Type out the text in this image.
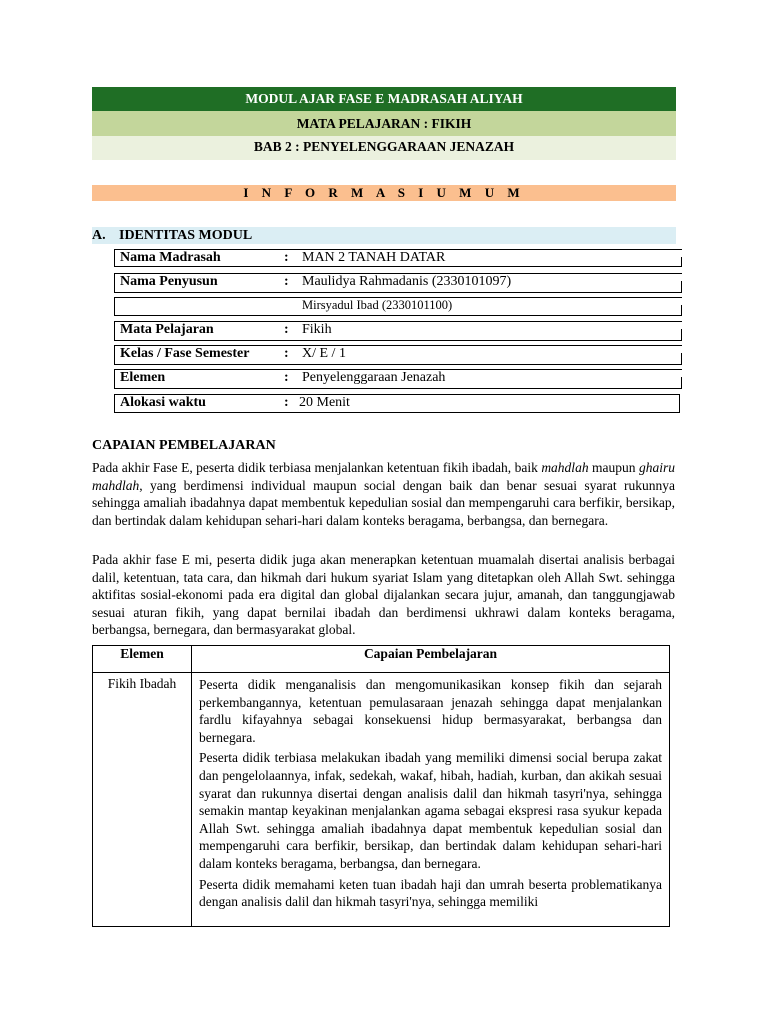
MODUL AJAR FASE E MADRASAH ALIYAH
MATA PELAJARAN : FIKIH
BAB 2 : PENYELENGGARAAN JENAZAH
I N F O R M A S I U M U M
A. IDENTITAS MODUL
Nama Madrasah	: MAN 2 TANAH DATAR
Nama Penyusun	: Maulidya Rahmadanis (2330101097)
Mirsyadul Ibad (2330101100)
Mata Pelajaran	: Fikih
Kelas / Fase Semester : X/ E / 1
Elemen	: Penyelenggaraan Jenazah
Alokasi waktu	: 20 Menit
CAPAIAN PEMBELAJARAN

Pada akhir Fase E, peserta didik terbiasa menjalankan ketentuan fikih ibadah, baik mahdlah maupun ghairu mahdlah, yang berdimensi individual maupun social dengan baik dan benar sesuai syarat rukunnya sehingga amaliah ibadahnya dapat membentuk kepedulian sosial dan mempengaruhi cara berfikir, bersikap, dan bertindak dalam kehidupan sehari-hari dalam konteks beragama, berbangsa, dan bernegara.

Pada akhir fase E mi, peserta didik juga akan menerapkan ketentuan muamalah disertai analisis berbagai dalil, ketentuan, tata cara, dan hikmah dari hukum syariat Islam yang ditetapkan oleh Allah Swt. sehingga aktifitas sosial-ekonomi pada era digital dan global dijalankan secara jujur, amanah, dan tanggungjawab sesuai aturan fikih, yang dapat bernilai ibadah dan berdimensi ukhrawi dalam konteks beragama, berbangsa, bernegara, dan bermasyarakat global.

Elemen	Capaian Pembelajaran
Fikih Ibadah	Peserta didik menganalisis dan mengomunikasikan konsep fikih dan sejarah perkembangannya, ketentuan pemulasaraan jenazah sehingga dapat menjalankan fardlu kifayahnya sebagai konsekuensi hidup bermasyarakat, berbangsa dan bernegara.

Peserta didik terbiasa melakukan ibadah yang memiliki dimensi social berupa zakat dan pengelolaannya, infak, sedekah, wakaf, hibah, hadiah, kurban, dan akikah sesuai syarat dan rukunnya disertai dengan analisis dalil dan hikmah tasyri'nya, sehingga semakin mantap keyakinan menjalankan agama sebagai ekspresi rasa syukur kepada Allah Swt. sehingga amaliah ibadahnya dapat membentuk kepedulian sosial dan mempengaruhi cara berfikir, bersikap, dan bertindak dalam kehidupan sehari-hari dalam konteks beragama, berbangsa, dan bernegara.

Peserta didik memahami keten tuan ibadah haji dan umrah beserta problematikanya dengan analisis dalil dan hikmah tasyri'nya, sehingga memiliki
